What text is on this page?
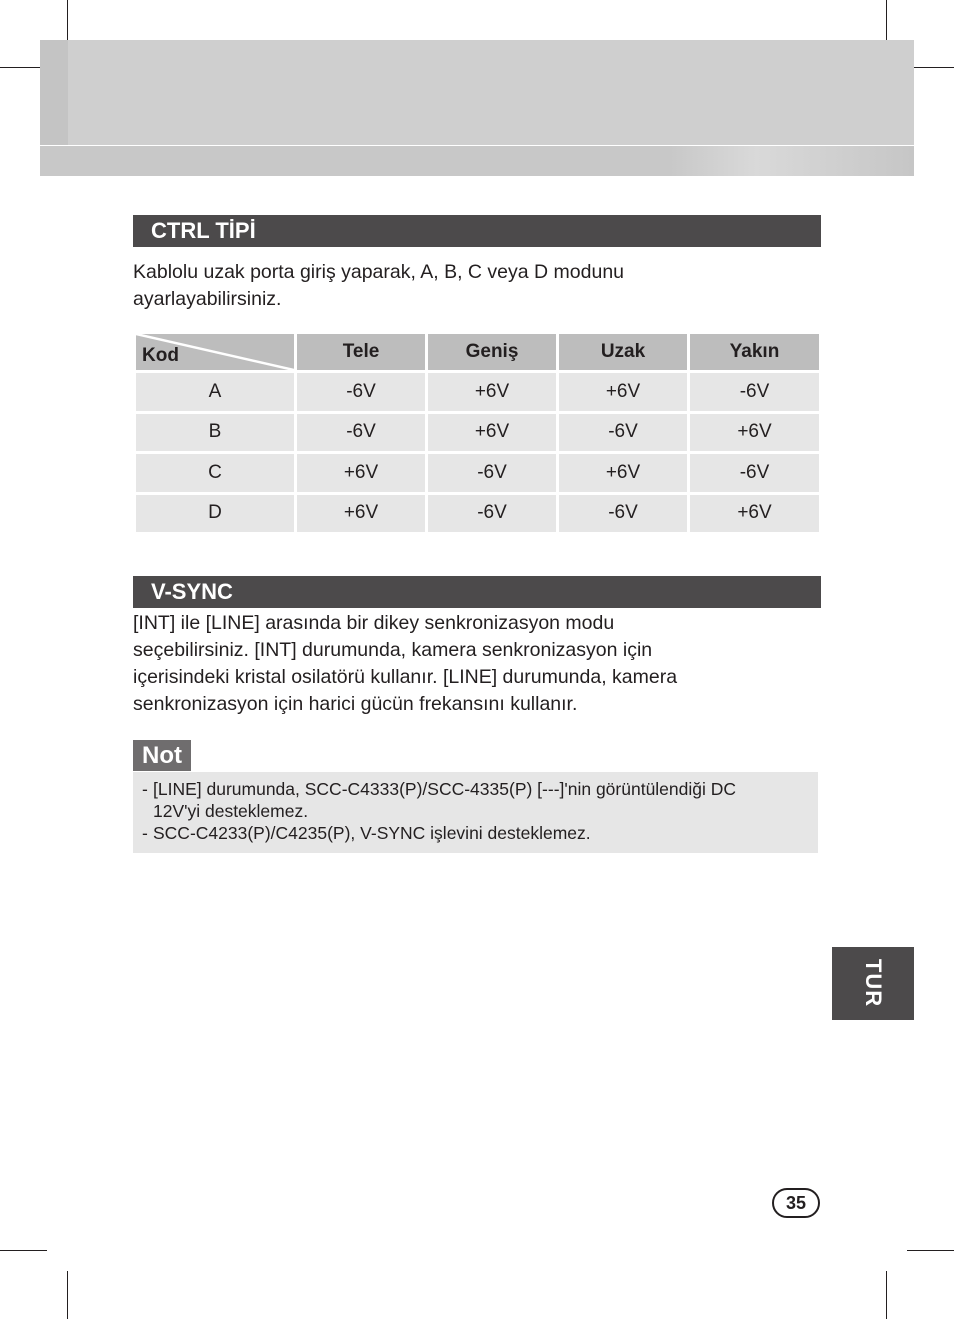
CTRL TİPİ

Kablolu uzak porta giriş yaparak, A, B, C veya D modunu
ayarlayabilirsiniz.

Kod	Tele	Geniş	Uzak	Yakın
A	-6V	+6V	+6V	-6V
B	-6V	+6V	-6V	+6V
C	+6V	-6V	+6V	-6V
D	+6V	-6V	-6V	+6V
V-SYNC

[INT] ile [LINE] arasında bir dikey senkronizasyon modu
seçebilirsiniz. [INT] durumunda, kamera senkronizasyon için
içerisindeki kristal osilatörü kullanır. [LINE] durumunda, kamera
senkronizasyon için harici gücün frekansını kullanır.

Not

- [LINE] durumunda, SCC-C4333(P)/SCC-4335(P) [---]'nin görüntülendiği DC
12V'yi desteklemez.

- SCC-C4233(P)/C4235(P), V-SYNC işlevini desteklemez.

TUR
35
